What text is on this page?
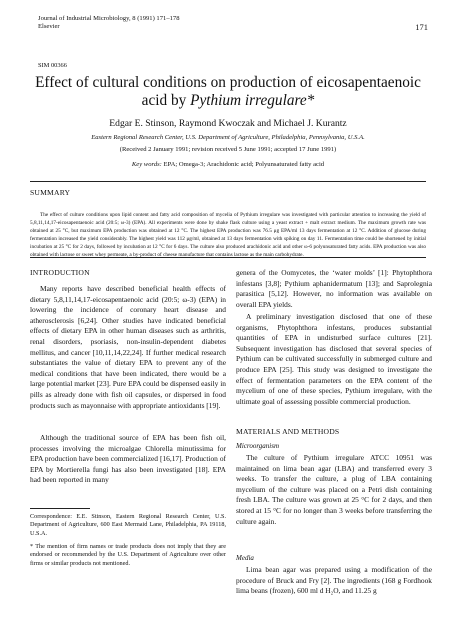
Journal of Industrial Microbiology, 8 (1991) 171–178
Elsevier	171
SIM 00366
Effect of cultural conditions on production of eicosapentaenoic
acid by Pythium irregulare*
Edgar E. Stinson, Raymond Kwoczak and Michael J. Kurantz
Eastern Regional Research Center, U.S. Department of Agriculture, Philadelphia, Pennsylvania, U.S.A.
(Received 2 January 1991; revision received 5 June 1991; accepted 17 June 1991)
Key words: EPA; Omega-3; Arachidonic acid; Polyunsaturated fatty acid
SUMMARY

The effect of culture conditions upon lipid content and fatty acid composition of mycelia of Pythium irregulare was investigated with particular attention to increasing the yield of 5,8,11,14,17-eicosapentaenoic acid (20:5; ω-3) (EPA). All experiments were done by shake flask culture using a yeast extract + malt extract medium. The maximum growth rate was obtained at 25 °C, but maximum EPA production was obtained at 12 °C. The highest EPA production was 76.5 μg EPA/ml 13 days fermentation at 12 °C. Addition of glucose during fermentation increased the yield considerably. The highest yield was 112 μg/ml, obtained at 13 days fermentation with spiking on day 11. Fermentation time could be shortened by initial incubation at 25 °C for 2 days, followed by incubation at 12 °C for 6 days. The culture also produced arachidonic acid and other ω-6 polyunsaturated fatty acids. EPA production was also obtained with lactose or sweet whey permeate, a by-product of cheese manufacture that contains lactose as the main carbohydrate.

INTRODUCTION

Many reports have described beneficial health effects of dietary 5,8,11,14,17-eicosapentaenoic acid (20:5; ω-3) (EPA) in lowering the incidence of coronary heart disease and atherosclerosis [6,24]. Other studies have indicated beneficial effects of dietary EPA in other human diseases such as arthritis, renal disorders, psoriasis, non-insulin-dependent diabetes mellitus, and cancer [10,11,14,22,24]. If further medical research substantiates the value of dietary EPA to prevent any of the medical conditions that have been indicated, there would be a large potential market [23]. Pure EPA could be dispensed easily in pills as already done with fish oil capsules, or dispersed in food products such as mayonnaise with appropriate antioxidants [19].

Although the traditional source of EPA has been fish oil, processes involving the microalgae Chlorella minutissima for EPA production have been commercialized [16,17]. Production of EPA by Mortierella fungi has also been investigated [18]. EPA had been reported in many

Correspondence: E.E. Stinson, Eastern Regional Research Center, U.S. Department of Agriculture, 600 East Mermaid Lane, Philadelphia, PA 19118, U.S.A.

* The mention of firm names or trade products does not imply that they are endorsed or recommended by the U.S. Department of Agriculture over other firms or similar products not mentioned.

genera of the Oomycetes, the ‘water molds’ [1]: Phytophthora infestans [3,8]; Pythium aphanidermatum [13]; and Saprolegnia parasitica [5,12]. However, no information was available on overall EPA yields.

A preliminary investigation disclosed that one of these organisms, Phytophthora infestans, produces substantial quantities of EPA in undisturbed surface cultures [21]. Subsequent investigation has disclosed that several species of Pythium can be cultivated successfully in submerged culture and produce EPA [25]. This study was designed to investigate the effect of fermentation parameters on the EPA content of the mycelium of one of these species, Pythium irregulare, with the ultimate goal of assessing possible commercial production.

MATERIALS AND METHODS
Microorganism

The culture of Pythium irregulare ATCC 10951 was maintained on lima bean agar (LBA) and transferred every 3 weeks. To transfer the culture, a plug of LBA containing mycelium of the culture was placed on a Petri dish containing fresh LBA. The culture was grown at 25 °C for 2 days, and then stored at 15 °C for no longer than 3 weeks before transferring the culture again.

Media

Lima bean agar was prepared using a modification of the procedure of Bruck and Fry [2]. The ingredients (168 g Fordhook lima beans (frozen), 600 ml d H₂O, and 11.25 g
